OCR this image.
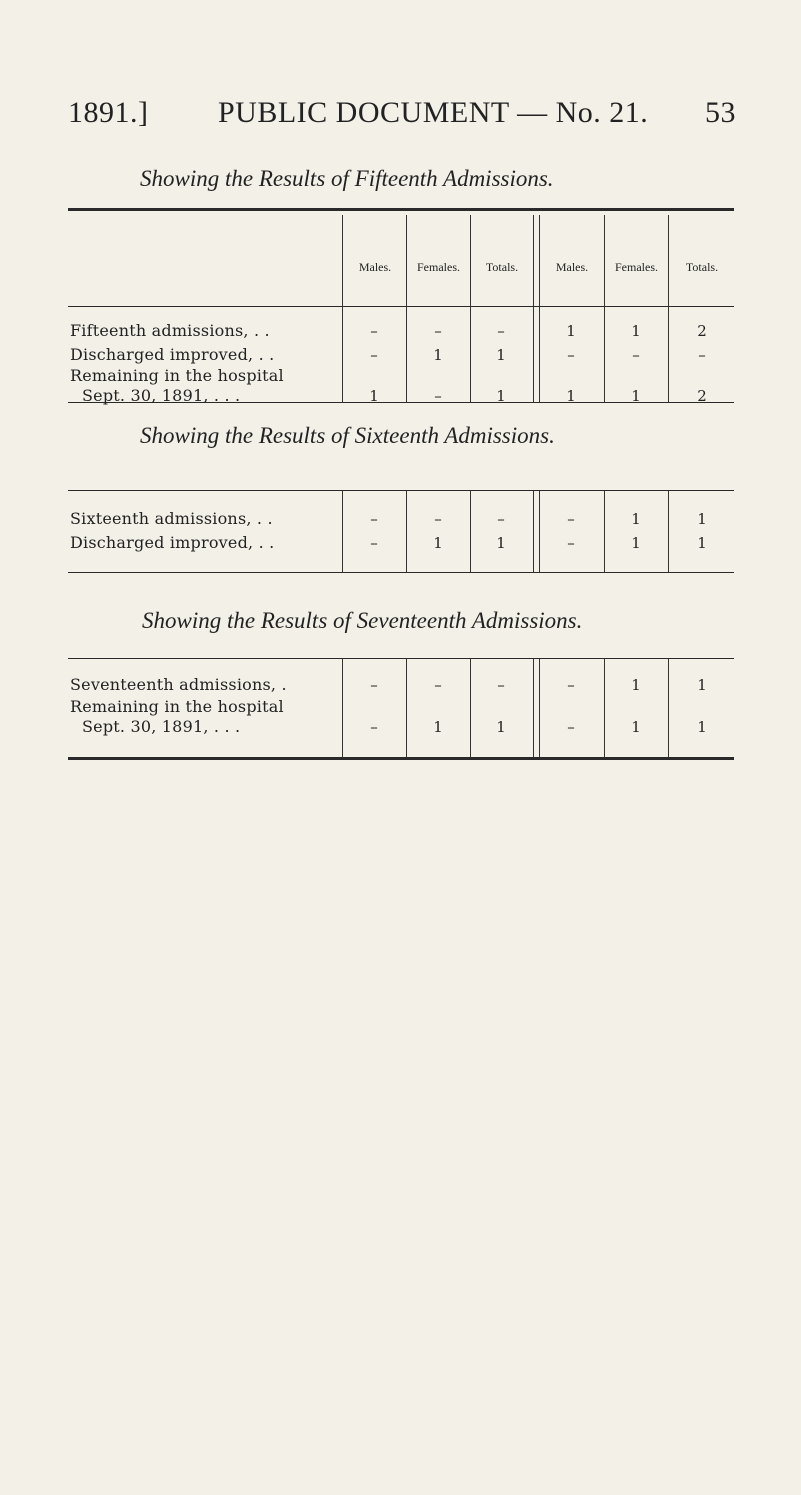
1891.] PUBLIC DOCUMENT — No. 21. 53
Showing the Results of Fifteenth Admissions.
Males.	Females.	Totals.	Males.	Females.	Totals.
Fifteenth admissions, . .	–	–	–	1	1	2
Discharged improved, . .	–	1	1	–	–	–
Remaining in the hospital
Sept. 30, 1891, . . .	1	–	1	1	1	2
Showing the Results of Sixteenth Admissions.
Sixteenth admissions, . .	–	–	–	–	1	1
Discharged improved, . .	–	1	1	–	1	1
Showing the Results of Seventeenth Admissions.
Seventeenth admissions, .	–	–	–	–	1	1
Remaining in the hospital
Sept. 30, 1891, . . .	–	1	1	–	1	1
